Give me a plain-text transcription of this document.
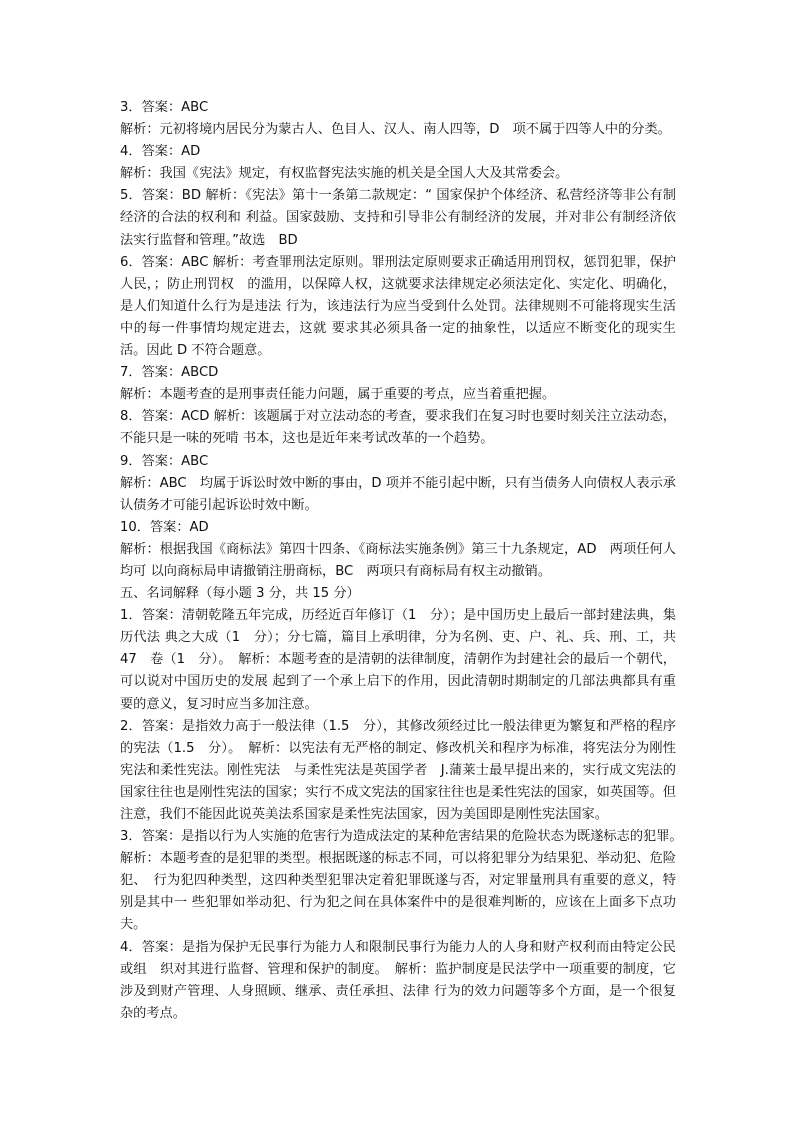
3．答案：ABC

解析：元初将境内居民分为蒙古人、色目人、汉人、南人四等，D　项不属于四等人中的分类。

4．答案：AD

解析：我国《宪法》规定，有权监督宪法实施的机关是全国人大及其常委会。

5．答案：BD 解析：《宪法》第十一条第二款规定：“ 国家保护个体经济、私营经济等非公有制经济的合法的权利和 利益。国家鼓励、支持和引导非公有制经济的发展，并对非公有制经济依法实行监督和管理。”故选　BD

6．答案：ABC 解析：考查罪刑法定原则。罪刑法定原则要求正确适用刑罚权，惩罚犯罪，保护人民，；防止刑罚权　的滥用，以保障人权，这就要求法律规定必须法定化、实定化、明确化，是人们知道什么行为是违法 行为，该违法行为应当受到什么处罚。法律规则不可能将现实生活中的每一件事情均规定进去，这就 要求其必须具备一定的抽象性，以适应不断变化的现实生活。因此 D 不符合题意。

7．答案：ABCD

解析：本题考查的是刑事责任能力问题，属于重要的考点，应当着重把握。

8．答案：ACD 解析：该题属于对立法动态的考查，要求我们在复习时也要时刻关注立法动态，不能只是一味的死啃 书本，这也是近年来考试改革的一个趋势。

9．答案：ABC

解析：ABC　均属于诉讼时效中断的事由，D 项并不能引起中断，只有当债务人向债权人表示承认债务才可能引起诉讼时效中断。

10．答案：AD

解析：根据我国《商标法》第四十四条、《商标法实施条例》第三十九条规定，AD　两项任何人均可 以向商标局申请撤销注册商标，BC　两项只有商标局有权主动撤销。

五、名词解释（每小题 3 分，共 15 分）

1．答案：清朝乾隆五年完成，历经近百年修订（1　分）；是中国历史上最后一部封建法典，集历代法 典之大成（1　分）；分七篇，篇目上承明律，分为名例、吏、户、礼、兵、刑、工，共 47　卷（1　分）。　解析：本题考查的是清朝的法律制度，清朝作为封建社会的最后一个朝代，可以说对中国历史的发展 起到了一个承上启下的作用，因此清朝时期制定的几部法典都具有重要的意义，复习时应当多加注意。

2．答案：是指效力高于一般法律（1.5　分），其修改须经过比一般法律更为繁复和严格的程序的宪法（1.5　分）。　解析：以宪法有无严格的制定、修改机关和程序为标准，将宪法分为刚性宪法和柔性宪法。刚性宪法　与柔性宪法是英国学者　J.蒲莱士最早提出来的，实行成文宪法的国家往往也是刚性宪法的国家；实行不成文宪法的国家往往也是柔性宪法的国家，如英国等。但注意，我们不能因此说英美法系国家是柔性宪法国家，因为美国即是刚性宪法国家。

3．答案：是指以行为人实施的危害行为造成法定的某种危害结果的危险状态为既遂标志的犯罪。　解析：本题考查的是犯罪的类型。根据既遂的标志不同，可以将犯罪分为结果犯、举动犯、危险犯、　行为犯四种类型，这四种类型犯罪决定着犯罪既遂与否，对定罪量刑具有重要的意义，特别是其中一 些犯罪如举动犯、行为犯之间在具体案件中的是很难判断的，应该在上面多下点功夫。

4．答案：是指为保护无民事行为能力人和限制民事行为能力人的人身和财产权利而由特定公民或组　织对其进行监督、管理和保护的制度。　解析：监护制度是民法学中一项重要的制度，它涉及到财产管理、人身照顾、继承、责任承担、法律 行为的效力问题等多个方面，是一个很复杂的考点。
